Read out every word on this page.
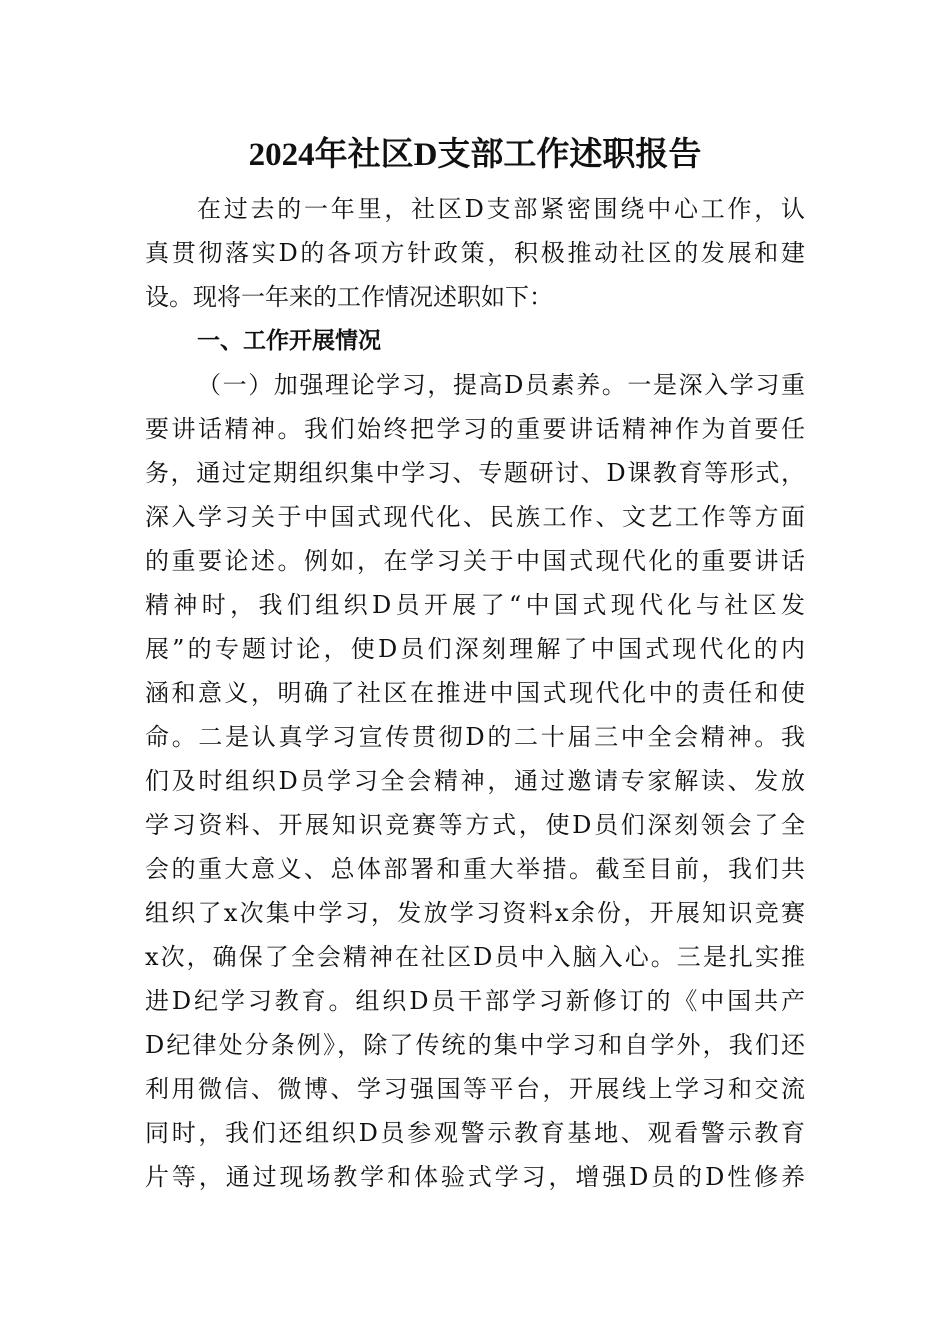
2024年社区D支部工作述职报告
在过去的一年里，社区D支部紧密围绕中心工作，认
真贯彻落实D的各项方针政策，积极推动社区的发展和建
设。现将一年来的工作情况述职如下：
一、工作开展情况
（一）加强理论学习，提高D员素养。一是深入学习重
要讲话精神。我们始终把学习的重要讲话精神作为首要任
务，通过定期组织集中学习、专题研讨、D课教育等形式，
深入学习关于中国式现代化、民族工作、文艺工作等方面
的重要论述。例如，在学习关于中国式现代化的重要讲话
精神时，我们组织D员开展了“中国式现代化与社区发
展”的专题讨论，使D员们深刻理解了中国式现代化的内
涵和意义，明确了社区在推进中国式现代化中的责任和使
命。二是认真学习宣传贯彻D的二十届三中全会精神。我
们及时组织D员学习全会精神，通过邀请专家解读、发放
学习资料、开展知识竞赛等方式，使D员们深刻领会了全
会的重大意义、总体部署和重大举措。截至目前，我们共
组织了x次集中学习，发放学习资料x余份，开展知识竞赛
x次，确保了全会精神在社区D员中入脑入心。三是扎实推
进D纪学习教育。组织D员干部学习新修订的《中国共产
D纪律处分条例》，除了传统的集中学习和自学外，我们还
利用微信、微博、学习强国等平台，开展线上学习和交流
同时，我们还组织D员参观警示教育基地、观看警示教育
片等，通过现场教学和体验式学习，增强D员的D性修养
